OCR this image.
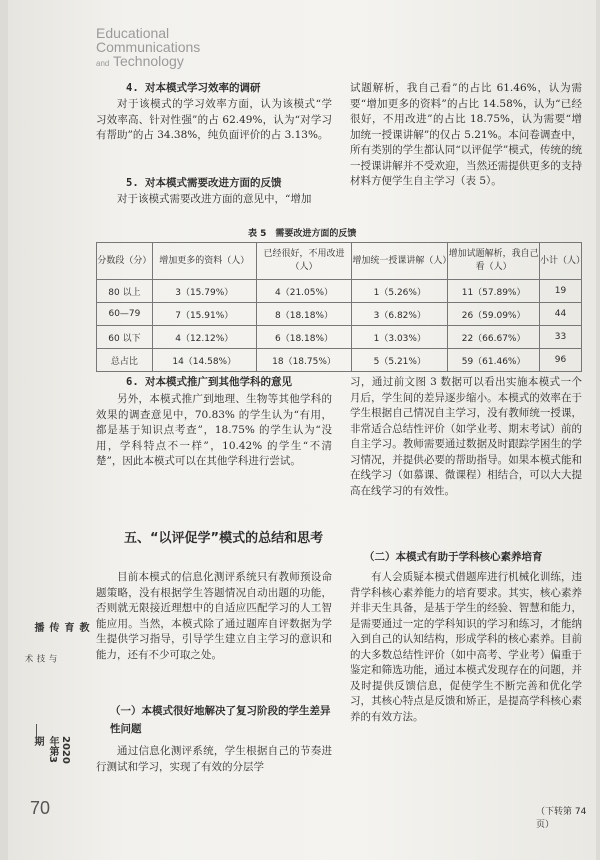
Educational
Communications
and Technology

4. 对本模式学习效率的调研

对于该模式的学习效率方面，认为该模式“学习效率高、针对性强”的占 62.49%，认为“对学习有帮助”的占 34.38%，纯负面评价的占 3.13%。

5. 对本模式需要改进方面的反馈

对于该模式需要改进方面的意见中，“增加

试题解析，我自己看”的占比 61.46%，认为需要“增加更多的资料”的占比 14.58%，认为“已经很好，不用改进”的占比 18.75%，认为需要“增加统一授课讲解”的仅占 5.21%。本问卷调查中，所有类别的学生都认同“以评促学”模式，传统的统一授课讲解并不受欢迎，当然还需提供更多的支持材料方便学生自主学习（表 5）。

表 5　需要改进方面的反馈
分数段（分）	增加更多的资料（人）	已经很好，不用改进（人）	增加统一授课讲解（人）	增加试题解析，我自己看（人）	小计（人）
80 以上	3（15.79%）	4（21.05%）	1（5.26%）	11（57.89%）	19
60—79	7（15.91%）	8（18.18%）	3（6.82%）	26（59.09%）	44
60 以下	4（12.12%）	6（18.18%）	1（3.03%）	22（66.67%）	33
总占比	14（14.58%）	18（18.75%）	5（5.21%）	59（61.46%）	96

6. 对本模式推广到其他学科的意见

另外，本模式推广到地理、生物等其他学科的效果的调查意见中，70.83% 的学生认为“有用，都是基于知识点考查”，18.75% 的学生认为“没用，学科特点不一样”，10.42% 的学生“不清楚”，因此本模式可以在其他学科进行尝试。

五、“以评促学”模式的总结和思考

目前本模式的信息化测评系统只有教师预设命题策略，没有根据学生答题情况自动出题的功能，否则就无限接近理想中的自适应匹配学习的人工智能应用。当然，本模式除了通过题库自评数据为学生提供学习指导，引导学生建立自主学习的意识和能力，还有不少可取之处。

（一）本模式很好地解决了复习阶段的学生差异性问题

通过信息化测评系统，学生根据自己的节奏进行测试和学习，实现了有效的分层学

习，通过前文图 3 数据可以看出实施本模式一个月后，学生间的差异逐步缩小。本模式的效率在于学生根据自己情况自主学习，没有教师统一授课，非常适合总结性评价（如学业考、期末考试）前的自主学习。教师需要通过数据及时跟踪学困生的学习情况，并提供必要的帮助指导。如果本模式能和在线学习（如慕课、微课程）相结合，可以大大提高在线学习的有效性。

（二）本模式有助于学科核心素养培育

有人会质疑本模式借题库进行机械化训练，违背学科核心素养能力的培育要求。其实，核心素养并非天生具备，是基于学生的经验、智慧和能力，是需要通过一定的学科知识的学习和练习，才能纳入到自己的认知结构，形成学科的核心素养。目前的大多数总结性评价（如中高考、学业考）偏重于鉴定和筛选功能，通过本模式发现存在的问题，并及时提供反馈信息，促使学生不断完善和优化学习，其核心特点是反馈和矫正，是提高学科核心素养的有效方法。

（下转第 74 页）
教育传播
与技术
2020年第3期
70
